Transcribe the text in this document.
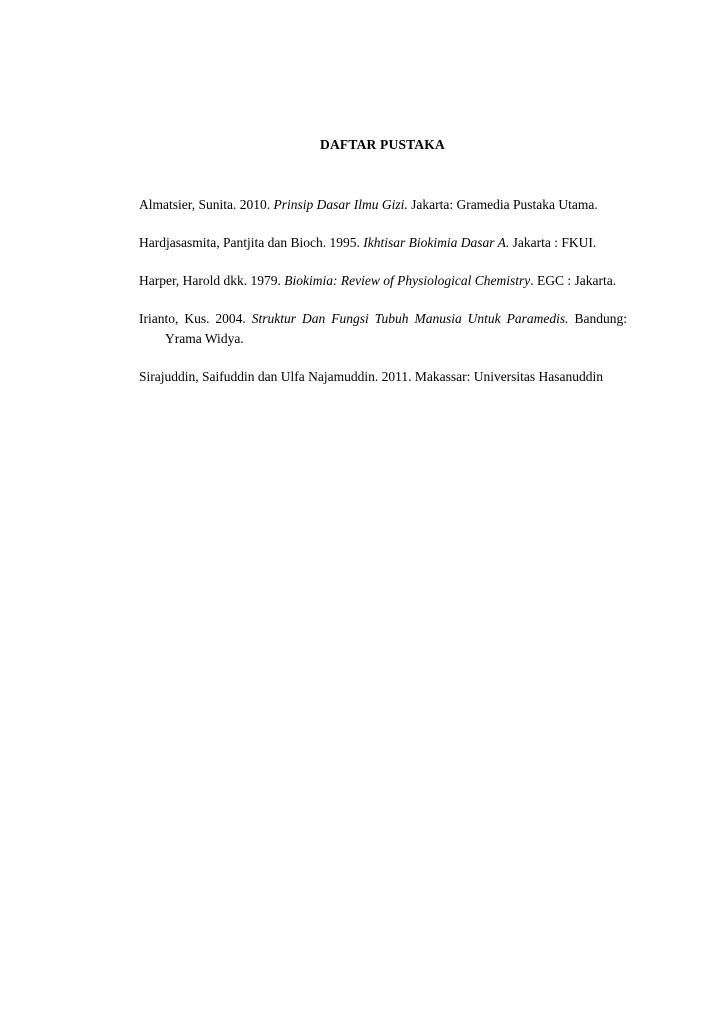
DAFTAR PUSTAKA

Almatsier, Sunita. 2010. Prinsip Dasar Ilmu Gizi. Jakarta: Gramedia Pustaka Utama.

Hardjasasmita, Pantjita dan Bioch. 1995. Ikhtisar Biokimia Dasar A. Jakarta : FKUI.

Harper, Harold dkk. 1979. Biokimia: Review of Physiological Chemistry. EGC : Jakarta.

Irianto, Kus. 2004. Struktur Dan Fungsi Tubuh Manusia Untuk Paramedis. Bandung: Yrama Widya.

Sirajuddin, Saifuddin dan Ulfa Najamuddin. 2011. Makassar: Universitas Hasanuddin
